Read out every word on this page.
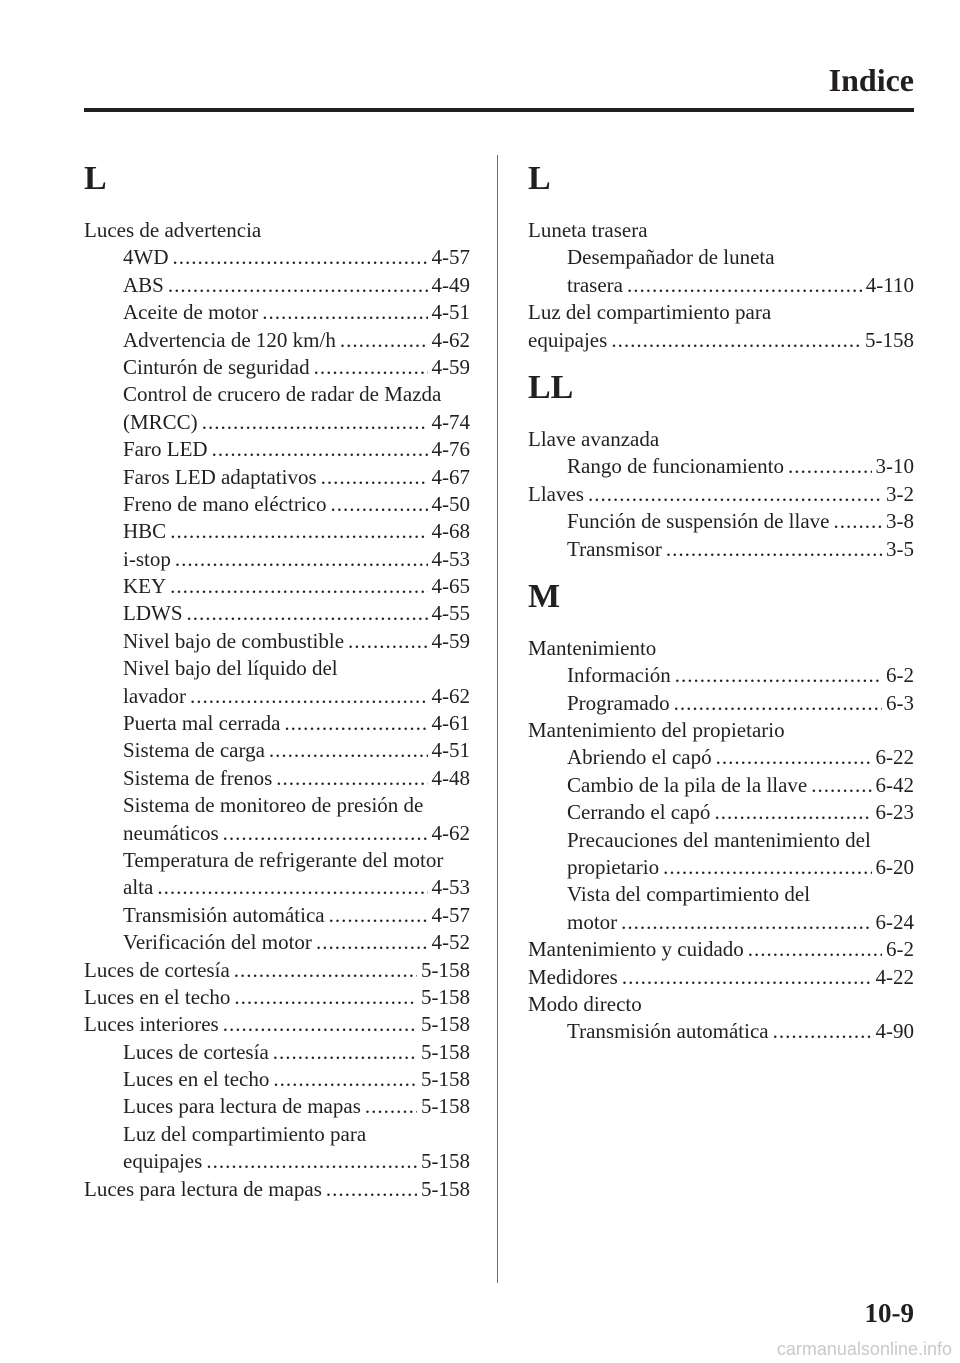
Indice
L
Luces de advertencia
4WD .....	4-57
ABS .....	4-49
Aceite de motor .....	4-51
Advertencia de 120 km/h .....	4-62
Cinturón de seguridad .....	4-59
Control de crucero de radar de Mazda
(MRCC) .....	4-74
Faro LED .....	4-76
Faros LED adaptativos .....	4-67
Freno de mano eléctrico .....	4-50
HBC .....	4-68
i-stop .....	4-53
KEY .....	4-65
LDWS .....	4-55
Nivel bajo de combustible .....	4-59
Nivel bajo del líquido del
lavador .....	4-62
Puerta mal cerrada .....	4-61
Sistema de carga .....	4-51
Sistema de frenos .....	4-48
Sistema de monitoreo de presión de
neumáticos .....	4-62
Temperatura de refrigerante del motor
alta .....	4-53
Transmisión automática .....	4-57
Verificación del motor .....	4-52
Luces de cortesía .....	5-158
Luces en el techo .....	5-158
Luces interiores .....	5-158
Luces de cortesía .....	5-158
Luces en el techo .....	5-158
Luces para lectura de mapas .....	5-158
Luz del compartimiento para
equipajes .....	5-158
Luces para lectura de mapas .....	5-158
L
Luneta trasera
Desempañador de luneta
trasera .....	4-110
Luz del compartimiento para
equipajes .....	5-158
LL
Llave avanzada
Rango de funcionamiento .....	3-10
Llaves .....	3-2
Función de suspensión de llave .....	3-8
Transmisor .....	3-5
M
Mantenimiento
Información .....	6-2
Programado .....	6-3
Mantenimiento del propietario
Abriendo el capó .....	6-22
Cambio de la pila de la llave .....	6-42
Cerrando el capó .....	6-23
Precauciones del mantenimiento del
propietario .....	6-20
Vista del compartimiento del
motor .....	6-24
Mantenimiento y cuidado .....	6-2
Medidores .....	4-22
Modo directo
Transmisión automática .....	4-90
10-9
carmanualsonline.info
